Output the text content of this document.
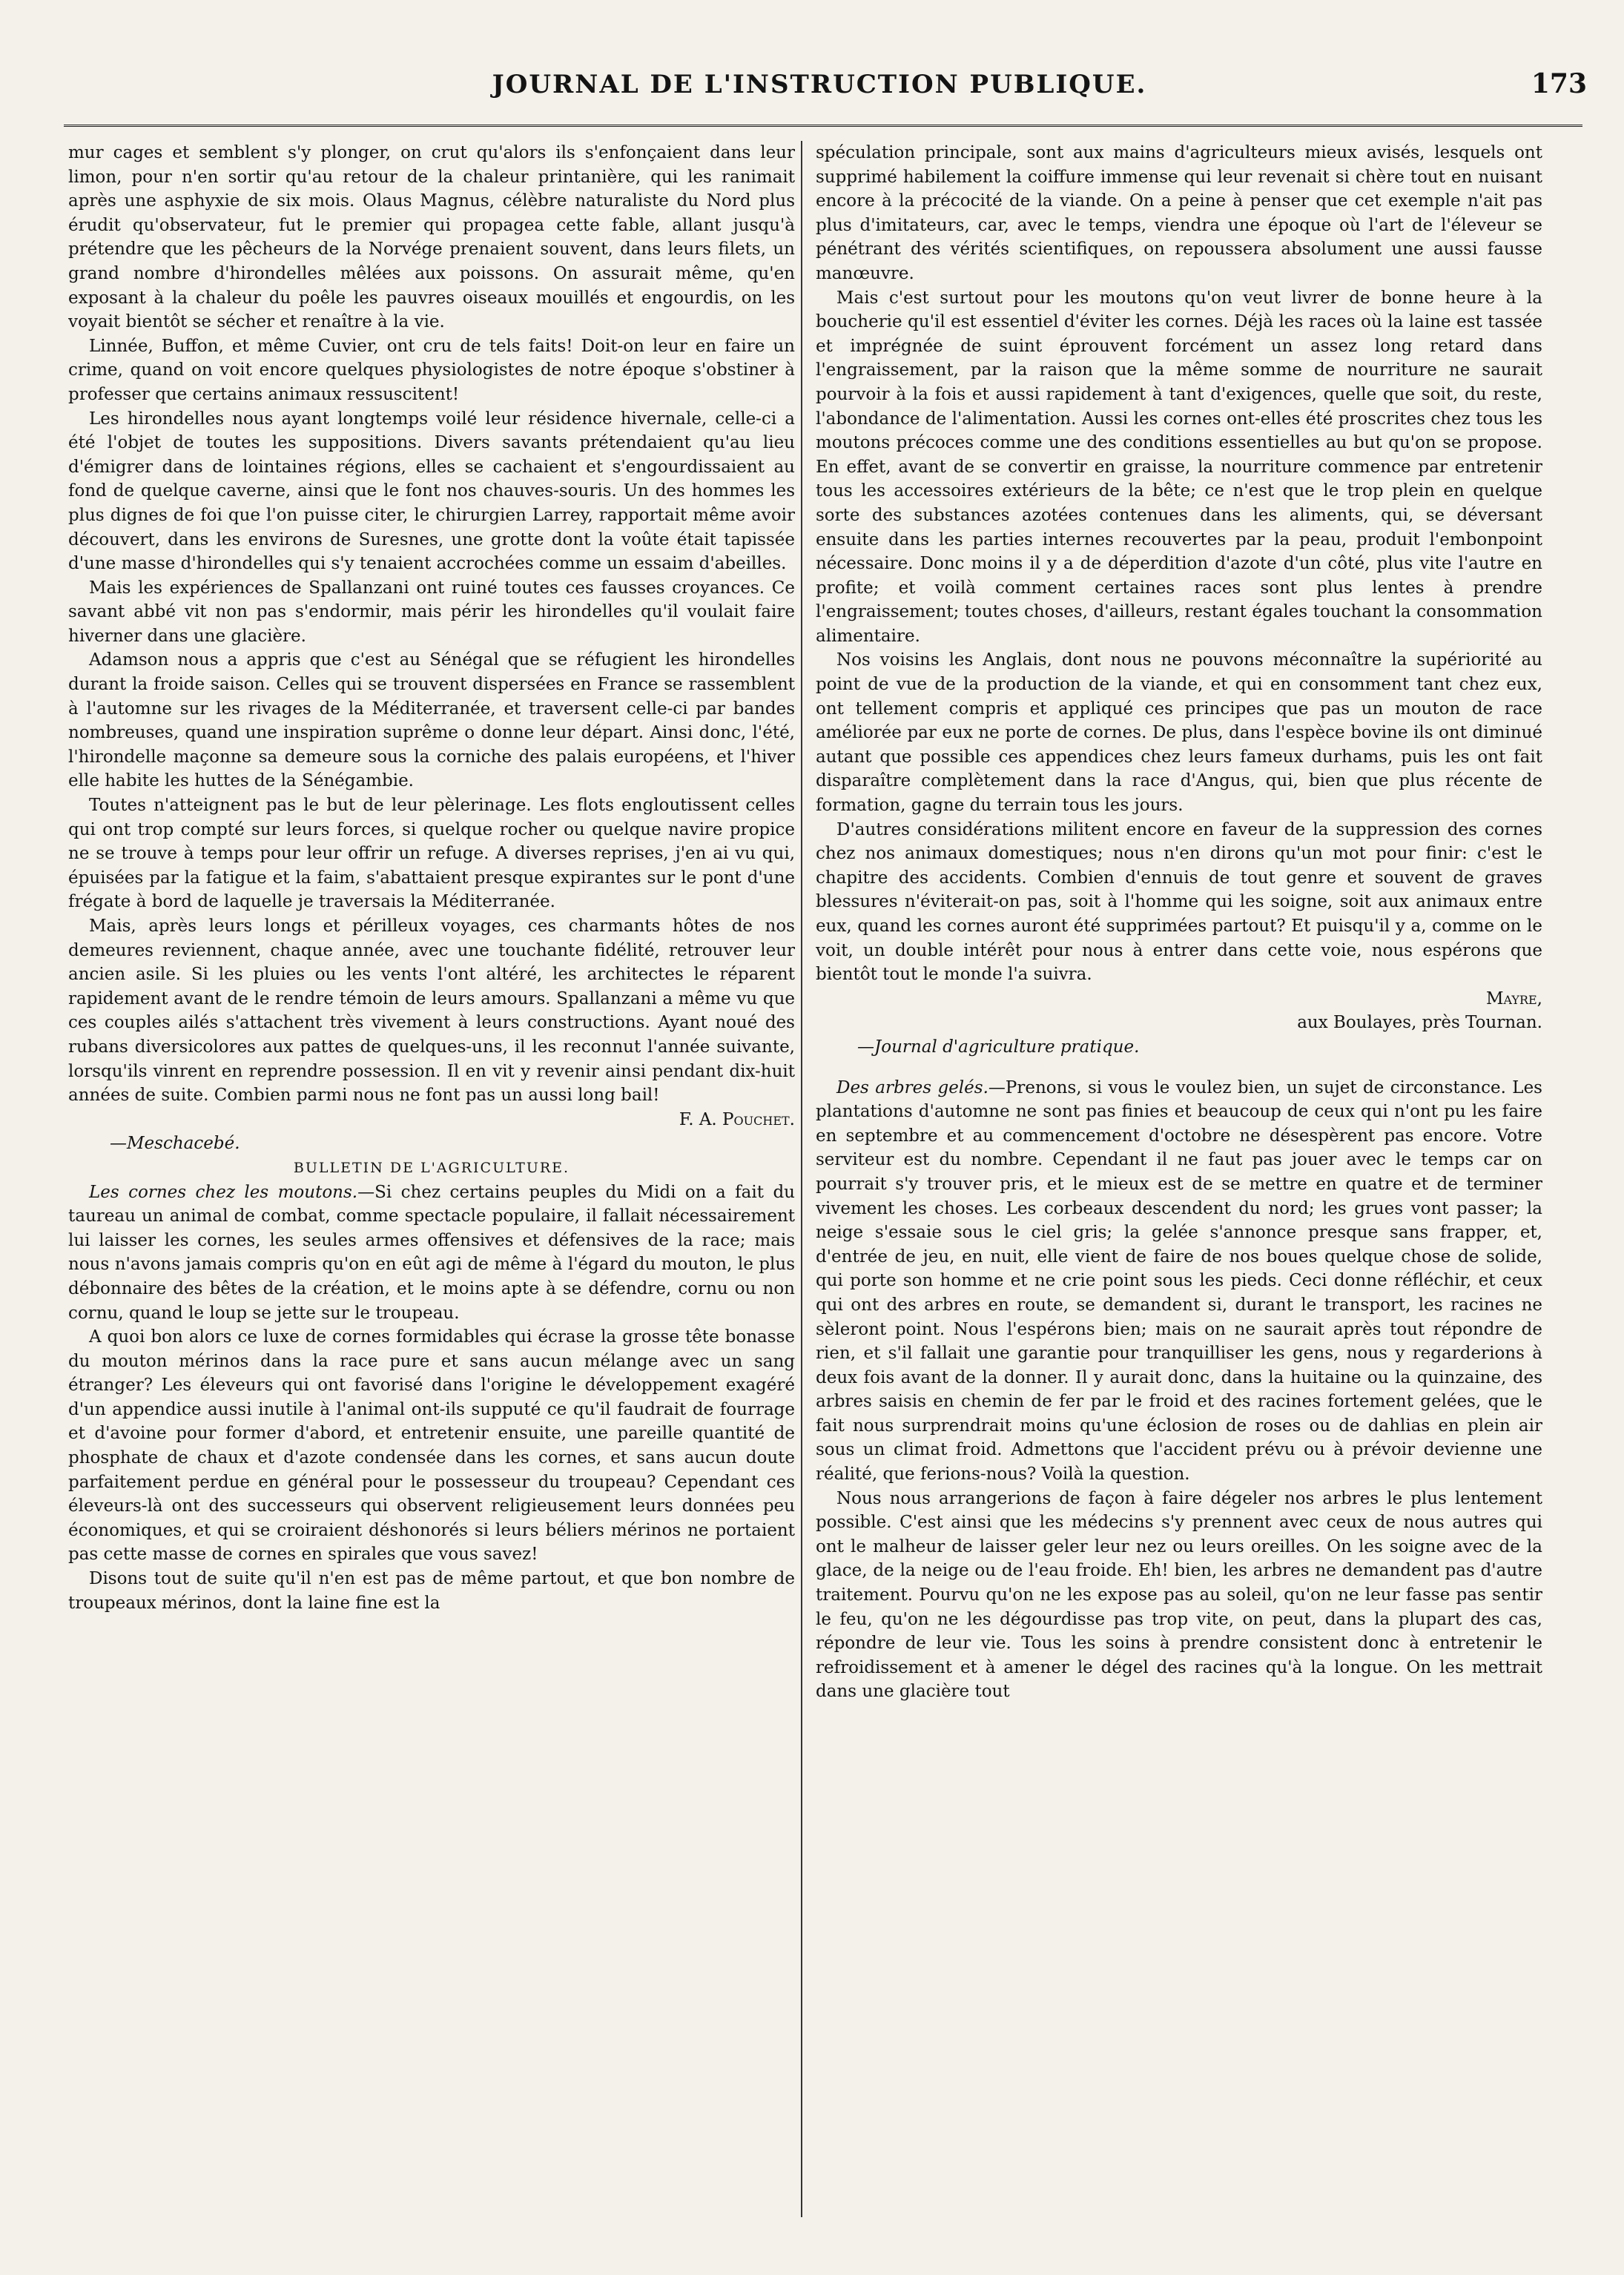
JOURNAL DE L'INSTRUCTION PUBLIQUE.	173

mur cages et semblent s'y plonger, on crut qu'alors ils s'enfonçaient dans leur limon, pour n'en sortir qu'au retour de la chaleur printanière, qui les ranimait après une asphyxie de six mois. Olaus Magnus, célèbre naturaliste du Nord plus érudit qu'observateur, fut le premier qui propagea cette fable, allant jusqu'à prétendre que les pêcheurs de la Norvége prenaient souvent, dans leurs filets, un grand nombre d'hirondelles mêlées aux poissons. On assurait même, qu'en exposant à la chaleur du poêle les pauvres oiseaux mouillés et engourdis, on les voyait bientôt se sécher et renaître à la vie.

Linnée, Buffon, et même Cuvier, ont cru de tels faits! Doit-on leur en faire un crime, quand on voit encore quelques physiologistes de notre époque s'obstiner à professer que certains animaux ressuscitent!

Les hirondelles nous ayant longtemps voilé leur résidence hivernale, celle-ci a été l'objet de toutes les suppositions. Divers savants prétendaient qu'au lieu d'émigrer dans de lointaines régions, elles se cachaient et s'engourdissaient au fond de quelque caverne, ainsi que le font nos chauves-souris. Un des hommes les plus dignes de foi que l'on puisse citer, le chirurgien Larrey, rapportait même avoir découvert, dans les environs de Suresnes, une grotte dont la voûte était tapissée d'une masse d'hirondelles qui s'y tenaient accrochées comme un essaim d'abeilles.

Mais les expériences de Spallanzani ont ruiné toutes ces fausses croyances. Ce savant abbé vit non pas s'endormir, mais périr les hirondelles qu'il voulait faire hiverner dans une glacière.

Adamson nous a appris que c'est au Sénégal que se réfugient les hirondelles durant la froide saison. Celles qui se trouvent dispersées en France se rassemblent à l'automne sur les rivages de la Méditerranée, et traversent celle-ci par bandes nombreuses, quand une inspiration suprême o donne leur départ. Ainsi donc, l'été, l'hirondelle maçonne sa demeure sous la corniche des palais européens, et l'hiver elle habite les huttes de la Sénégambie.

Toutes n'atteignent pas le but de leur pèlerinage. Les flots engloutissent celles qui ont trop compté sur leurs forces, si quelque rocher ou quelque navire propice ne se trouve à temps pour leur offrir un refuge. A diverses reprises, j'en ai vu qui, épuisées par la fatigue et la faim, s'abattaient presque expirantes sur le pont d'une frégate à bord de laquelle je traversais la Méditerranée.

Mais, après leurs longs et périlleux voyages, ces charmants hôtes de nos demeures reviennent, chaque année, avec une touchante fidélité, retrouver leur ancien asile. Si les pluies ou les vents l'ont altéré, les architectes le réparent rapidement avant de le rendre témoin de leurs amours. Spallanzani a même vu que ces couples ailés s'attachent très vivement à leurs constructions. Ayant noué des rubans diversicolores aux pattes de quelques-uns, il les reconnut l'année suivante, lorsqu'ils vinrent en reprendre possession. Il en vit y revenir ainsi pendant dix-huit années de suite. Combien parmi nous ne font pas un aussi long bail!

F. A. Pouchet.

—Meschacebé.

BULLETIN DE L'AGRICULTURE.

Les cornes chez les moutons.—Si chez certains peuples du Midi on a fait du taureau un animal de combat, comme spectacle populaire, il fallait nécessairement lui laisser les cornes, les seules armes offensives et défensives de la race; mais nous n'avons jamais compris qu'on en eût agi de même à l'égard du mouton, le plus débonnaire des bêtes de la création, et le moins apte à se défendre, cornu ou non cornu, quand le loup se jette sur le troupeau.

A quoi bon alors ce luxe de cornes formidables qui écrase la grosse tête bonasse du mouton mérinos dans la race pure et sans aucun mélange avec un sang étranger? Les éleveurs qui ont favorisé dans l'origine le développement exagéré d'un appendice aussi inutile à l'animal ont-ils supputé ce qu'il faudrait de fourrage et d'avoine pour former d'abord, et entretenir ensuite, une pareille quantité de phosphate de chaux et d'azote condensée dans les cornes, et sans aucun doute parfaitement perdue en général pour le possesseur du troupeau? Cependant ces éleveurs-là ont des successeurs qui observent religieusement leurs données peu économiques, et qui se croiraient déshonorés si leurs béliers mérinos ne portaient pas cette masse de cornes en spirales que vous savez!

Disons tout de suite qu'il n'en est pas de même partout, et que bon nombre de troupeaux mérinos, dont la laine fine est la

spéculation principale, sont aux mains d'agriculteurs mieux avisés, lesquels ont supprimé habilement la coiffure immense qui leur revenait si chère tout en nuisant encore à la précocité de la viande. On a peine à penser que cet exemple n'ait pas plus d'imitateurs, car, avec le temps, viendra une époque où l'art de l'éleveur se pénétrant des vérités scientifiques, on repoussera absolument une aussi fausse manœuvre.

Mais c'est surtout pour les moutons qu'on veut livrer de bonne heure à la boucherie qu'il est essentiel d'éviter les cornes. Déjà les races où la laine est tassée et imprégnée de suint éprouvent forcément un assez long retard dans l'engraissement, par la raison que la même somme de nourriture ne saurait pourvoir à la fois et aussi rapidement à tant d'exigences, quelle que soit, du reste, l'abondance de l'alimentation. Aussi les cornes ont-elles été proscrites chez tous les moutons précoces comme une des conditions essentielles au but qu'on se propose. En effet, avant de se convertir en graisse, la nourriture commence par entretenir tous les accessoires extérieurs de la bête; ce n'est que le trop plein en quelque sorte des substances azotées contenues dans les aliments, qui, se déversant ensuite dans les parties internes recouvertes par la peau, produit l'embonpoint nécessaire. Donc moins il y a de déperdition d'azote d'un côté, plus vite l'autre en profite; et voilà comment certaines races sont plus lentes à prendre l'engraissement; toutes choses, d'ailleurs, restant égales touchant la consommation alimentaire.

Nos voisins les Anglais, dont nous ne pouvons méconnaître la supériorité au point de vue de la production de la viande, et qui en consomment tant chez eux, ont tellement compris et appliqué ces principes que pas un mouton de race améliorée par eux ne porte de cornes. De plus, dans l'espèce bovine ils ont diminué autant que possible ces appendices chez leurs fameux durhams, puis les ont fait disparaître complètement dans la race d'Angus, qui, bien que plus récente de formation, gagne du terrain tous les jours.

D'autres considérations militent encore en faveur de la suppression des cornes chez nos animaux domestiques; nous n'en dirons qu'un mot pour finir: c'est le chapitre des accidents. Combien d'ennuis de tout genre et souvent de graves blessures n'éviterait-on pas, soit à l'homme qui les soigne, soit aux animaux entre eux, quand les cornes auront été supprimées partout? Et puisqu'il y a, comme on le voit, un double intérêt pour nous à entrer dans cette voie, nous espérons que bientôt tout le monde l'a suivra.

Mayre,

aux Boulayes, près Tournan.

—Journal d'agriculture pratique.

Des arbres gelés.—Prenons, si vous le voulez bien, un sujet de circonstance. Les plantations d'automne ne sont pas finies et beaucoup de ceux qui n'ont pu les faire en septembre et au commencement d'octobre ne désespèrent pas encore. Votre serviteur est du nombre. Cependant il ne faut pas jouer avec le temps car on pourrait s'y trouver pris, et le mieux est de se mettre en quatre et de terminer vivement les choses. Les corbeaux descendent du nord; les grues vont passer; la neige s'essaie sous le ciel gris; la gelée s'annonce presque sans frapper, et, d'entrée de jeu, en nuit, elle vient de faire de nos boues quelque chose de solide, qui porte son homme et ne crie point sous les pieds. Ceci donne réfléchir, et ceux qui ont des arbres en route, se demandent si, durant le transport, les racines ne sèleront point. Nous l'espérons bien; mais on ne saurait après tout répondre de rien, et s'il fallait une garantie pour tranquilliser les gens, nous y regarderions à deux fois avant de la donner. Il y aurait donc, dans la huitaine ou la quinzaine, des arbres saisis en chemin de fer par le froid et des racines fortement gelées, que le fait nous surprendrait moins qu'une éclosion de roses ou de dahlias en plein air sous un climat froid. Admettons que l'accident prévu ou à prévoir devienne une réalité, que ferions-nous? Voilà la question.

Nous nous arrangerions de façon à faire dégeler nos arbres le plus lentement possible. C'est ainsi que les médecins s'y prennent avec ceux de nous autres qui ont le malheur de laisser geler leur nez ou leurs oreilles. On les soigne avec de la glace, de la neige ou de l'eau froide. Eh! bien, les arbres ne demandent pas d'autre traitement. Pourvu qu'on ne les expose pas au soleil, qu'on ne leur fasse pas sentir le feu, qu'on ne les dégourdisse pas trop vite, on peut, dans la plupart des cas, répondre de leur vie. Tous les soins à prendre consistent donc à entretenir le refroidissement et à amener le dégel des racines qu'à la longue. On les mettrait dans une glacière tout
